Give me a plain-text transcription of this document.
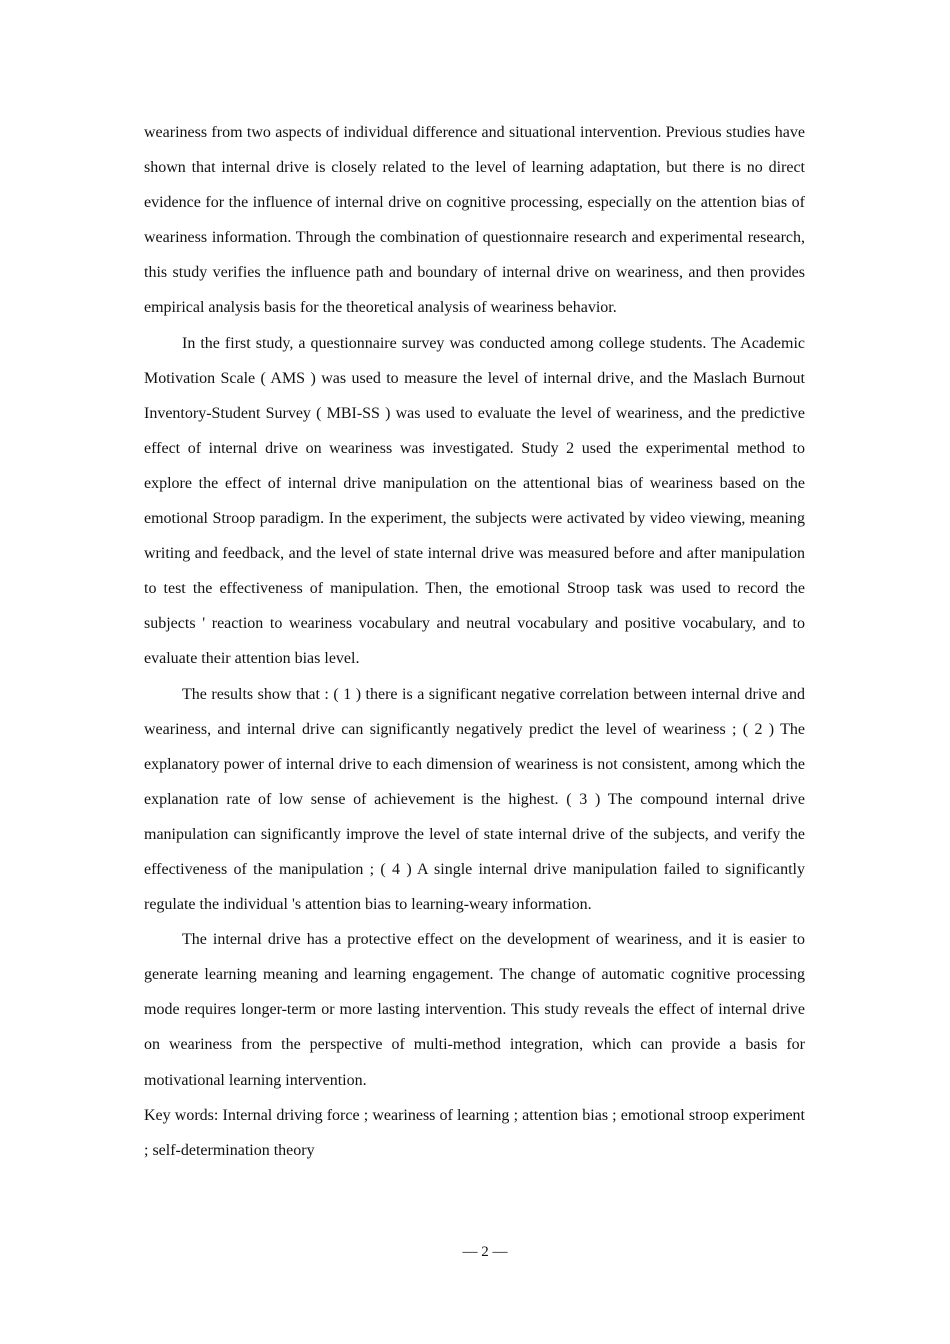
weariness from two aspects of individual difference and situational intervention. Previous studies have shown that internal drive is closely related to the level of learning adaptation, but there is no direct evidence for the influence of internal drive on cognitive processing, especially on the attention bias of weariness information. Through the combination of questionnaire research and experimental research, this study verifies the influence path and boundary of internal drive on weariness, and then provides empirical analysis basis for the theoretical analysis of weariness behavior.

In the first study, a questionnaire survey was conducted among college students. The Academic Motivation Scale ( AMS ) was used to measure the level of internal drive, and the Maslach Burnout Inventory-Student Survey ( MBI-SS ) was used to evaluate the level of weariness, and the predictive effect of internal drive on weariness was investigated. Study 2 used the experimental method to explore the effect of internal drive manipulation on the attentional bias of weariness based on the emotional Stroop paradigm. In the experiment, the subjects were activated by video viewing, meaning writing and feedback, and the level of state internal drive was measured before and after manipulation to test the effectiveness of manipulation. Then, the emotional Stroop task was used to record the subjects ' reaction to weariness vocabulary and neutral vocabulary and positive vocabulary, and to evaluate their attention bias level.

The results show that : ( 1 ) there is a significant negative correlation between internal drive and weariness, and internal drive can significantly negatively predict the level of weariness ; ( 2 ) The explanatory power of internal drive to each dimension of weariness is not consistent, among which the explanation rate of low sense of achievement is the highest. ( 3 ) The compound internal drive manipulation can significantly improve the level of state internal drive of the subjects, and verify the effectiveness of the manipulation ; ( 4 ) A single internal drive manipulation failed to significantly regulate the individual 's attention bias to learning-weary information.

The internal drive has a protective effect on the development of weariness, and it is easier to generate learning meaning and learning engagement. The change of automatic cognitive processing mode requires longer-term or more lasting intervention. This study reveals the effect of internal drive on weariness from the perspective of multi-method integration, which can provide a basis for motivational learning intervention.

Key words: Internal driving force ; weariness of learning ; attention bias ; emotional stroop experiment ; self-determination theory

— 2 —
